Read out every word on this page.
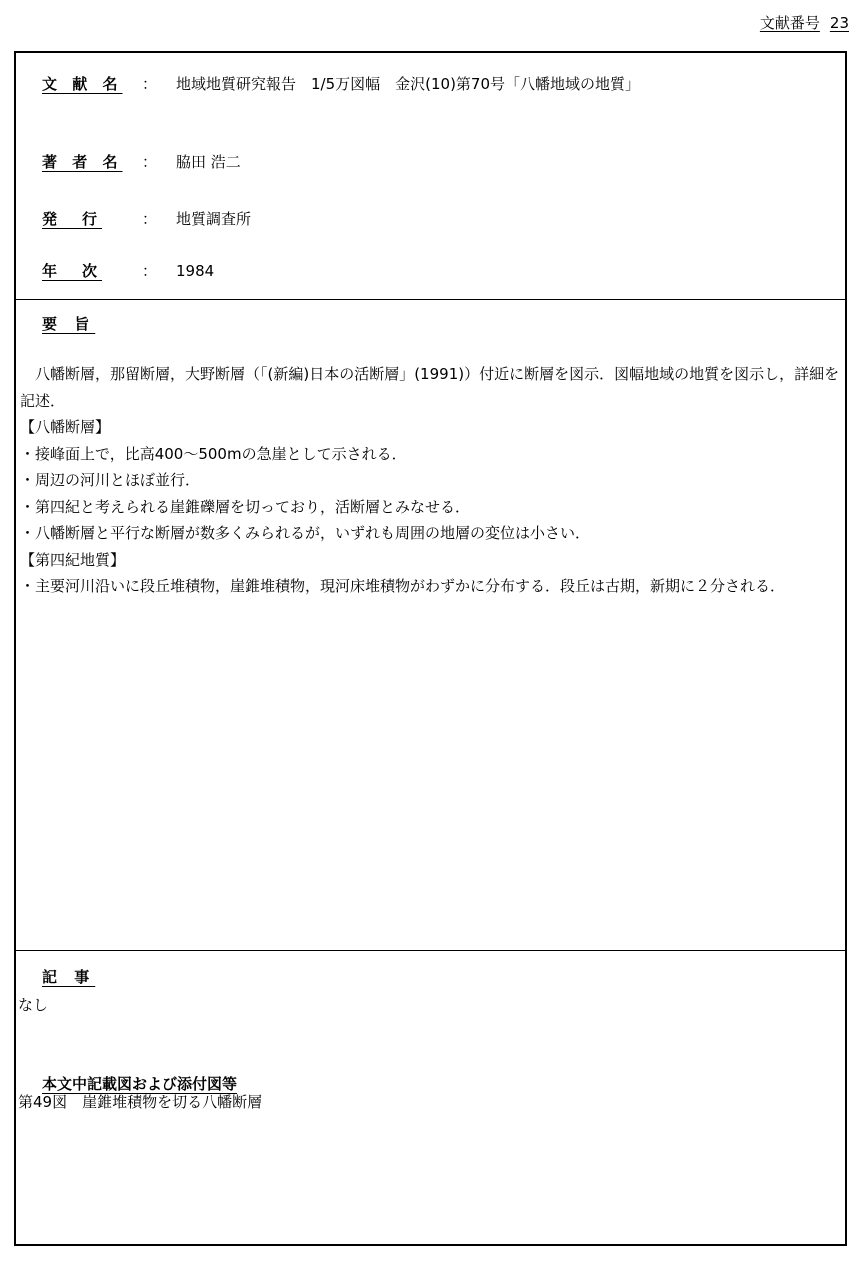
文献番号 23
文 献 名 ： 地域地質研究報告　1/5万図幅　金沢(10)第70号「八幡地域の地質」
著 者 名 ： 脇田 浩二
発　行	： 地質調査所
年　次	： 1984
要 旨

八幡断層，那留断層，大野断層（「(新編)日本の活断層」(1991)）付近に断層を図示．図幅地域の地質を図示し，詳細を記述．

【八幡断層】

・接峰面上で，比高400～500mの急崖として示される．

・周辺の河川とほぼ並行．

・第四紀と考えられる崖錐礫層を切っており，活断層とみなせる．

・八幡断層と平行な断層が数多くみられるが，いずれも周囲の地層の変位は小さい．

【第四紀地質】

・主要河川沿いに段丘堆積物，崖錐堆積物，現河床堆積物がわずかに分布する．段丘は古期，新期に２分される．

記 事

なし

本文中記載図および添付図等

第49図　崖錐堆積物を切る八幡断層
